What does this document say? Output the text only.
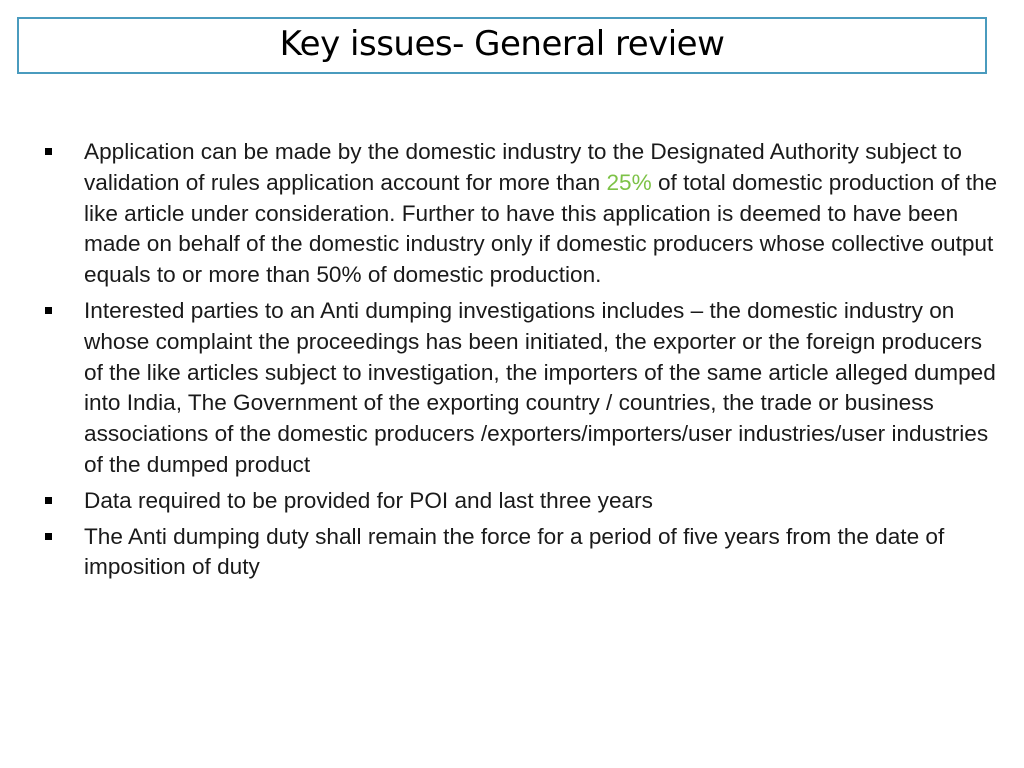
Key issues- General review
Application can be made by the domestic industry to the Designated Authority subject to validation of rules application account for more than 25% of total domestic production of the like article under consideration. Further to have this application is deemed to have been made on behalf of the domestic industry only if domestic producers whose collective output equals to or more than 50% of domestic production.
Interested parties to an Anti dumping investigations includes – the domestic industry on whose complaint the proceedings has been initiated, the exporter or the foreign producers of the like articles subject to investigation, the importers of the same article alleged dumped into India, The Government of the exporting country / countries, the trade or business associations of the domestic producers /exporters/importers/user industries/user industries of the dumped product
Data required to be provided for POI and last three years
The Anti dumping duty shall remain the force for a period of five years from the date of imposition of duty
